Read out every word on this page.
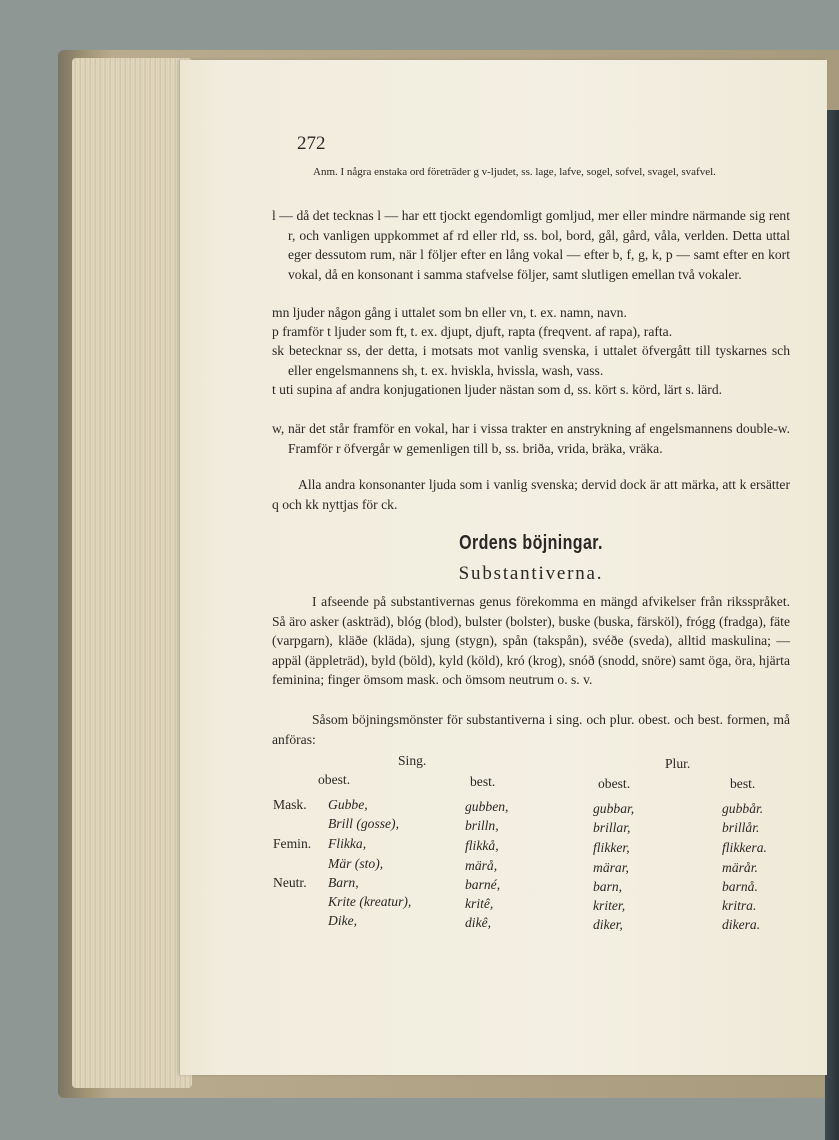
272
Anm. I några enstaka ord företräder g v-ljudet, ss. lage, lafve, sogel, sofvel, svagel, svafvel.
l — då det tecknas l — har ett tjockt egendomligt gomljud, mer eller mindre närmande sig rent r, och vanligen uppkommet af rd eller rld, ss. bol, bord, gål, gård, våla, verlden. Detta uttal eger dessutom rum, när l följer efter en lång vokal — efter b, f, g, k, p — samt efter en kort vokal, då en konsonant i samma stafvelse följer, samt slutligen emellan två vokaler.
mn ljuder någon gång i uttalet som bn eller vn, t. ex. namn, navn.
p framför t ljuder som ft, t. ex. djupt, djuft, rapta (freqvent. af rapa), rafta.
sk betecknar ss, der detta, i motsats mot vanlig svenska, i uttalet öfvergått till tyskarnes sch eller engelsmannens sh, t. ex. hviskla, hvissla, wash, vass.
t uti supina af andra konjugationen ljuder nästan som d, ss. kört s. körd, lärt s. lärd.
w, när det står framför en vokal, har i vissa trakter en anstrykning af engelsmannens double-w. Framför r öfvergår w gemenligen till b, ss. briða, vrida, bräka, vräka.
Alla andra konsonanter ljuda som i vanlig svenska; dervid dock är att märka, att k ersätter q och kk nyttjas för ck.
Ordens böjningar.
Substantiverna.
I afseende på substantivernas genus förekomma en mängd afvikelser från riksspråket. Så äro asker (askträd), blóg (blod), bulster (bolster), buske (buska, färsköl), frógg (fradga), fäte (varpgarn), kläðe (kläda), sjung (stygn), spån (takspån), svéðe (sveda), alltid maskulina; — appäl (äppleträd), byld (böld), kyld (köld), kró (krog), snóð (snodd, snöre) samt öga, öra, hjärta feminina; finger ömsom mask. och ömsom neutrum o. s. v.
Såsom böjningsmönster för substantiverna i sing. och plur. obest. och best. formen, må anföras:
Sing.	Plur.
obest.	best.	obest.	best.
Mask. Gubbe,	gubben,	gubbar,	gubbår.
Brill (gosse),	brilln,	brillar,	brillår.
Femin. Flikka,	flikkå,	flikker,	flikkera.
Mär (sto),	märå,	märar,	märår.
Neutr. Barn,	barné,	barn,	barnå.
Krite (kreatur),	kritê,	kriter,	kritra.
Dike,	dikê,	diker,	dikera.
